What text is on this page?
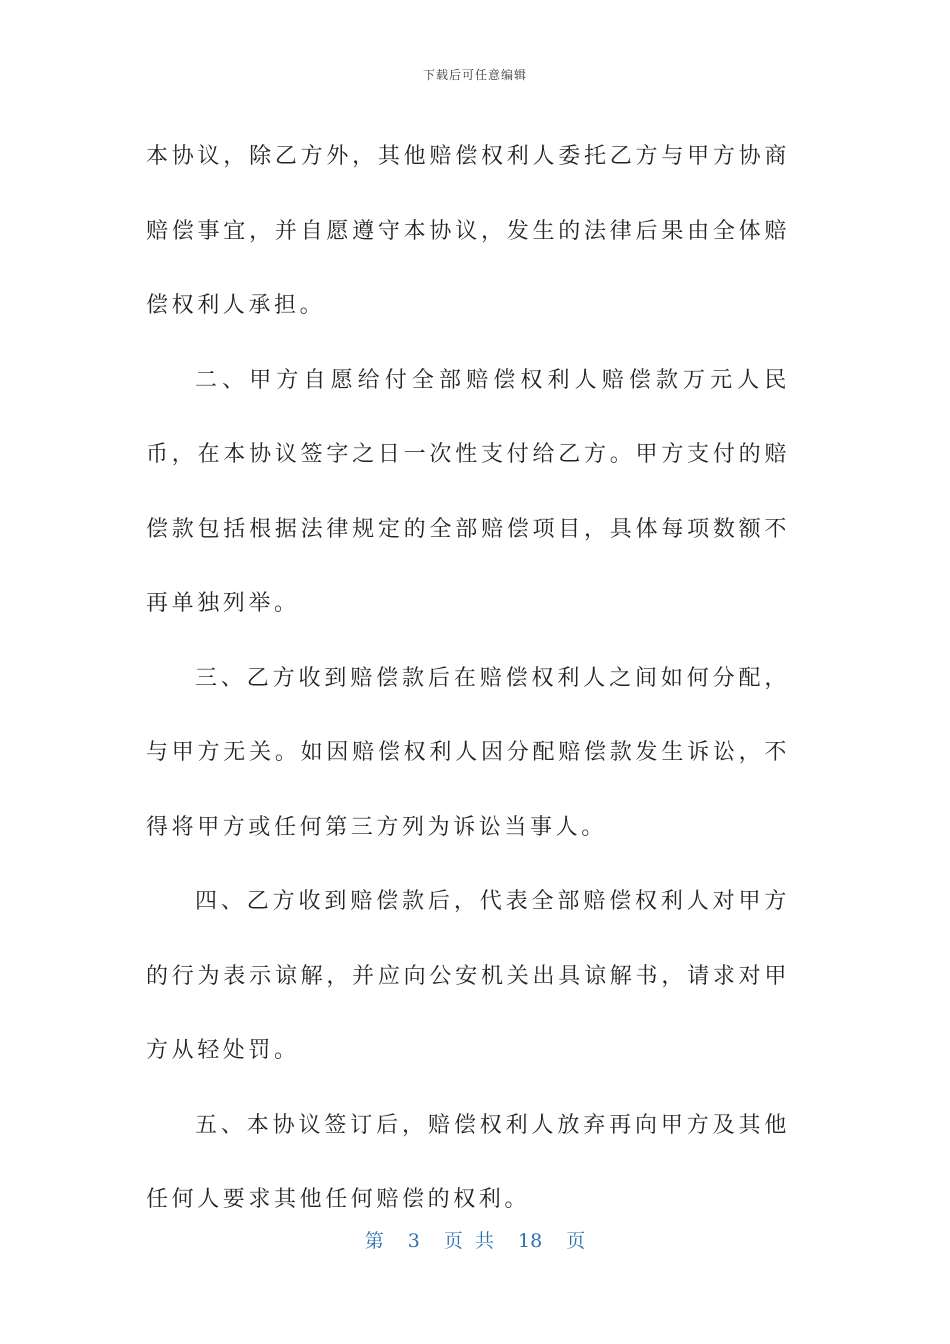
下载后可任意编辑

本协议，除乙方外，其他赔偿权利人委托乙方与甲方协商赔偿事宜，并自愿遵守本协议，发生的法律后果由全体赔偿权利人承担。

二、甲方自愿给付全部赔偿权利人赔偿款万元人民币，在本协议签字之日一次性支付给乙方。甲方支付的赔偿款包括根据法律规定的全部赔偿项目，具体每项数额不再单独列举。

三、乙方收到赔偿款后在赔偿权利人之间如何分配，与甲方无关。如因赔偿权利人因分配赔偿款发生诉讼，不得将甲方或任何第三方列为诉讼当事人。

四、乙方收到赔偿款后，代表全部赔偿权利人对甲方的行为表示谅解，并应向公安机关出具谅解书，请求对甲方从轻处罚。

五、本协议签订后，赔偿权利人放弃再向甲方及其他任何人要求其他任何赔偿的权利。

第 3 页 共 18 页
